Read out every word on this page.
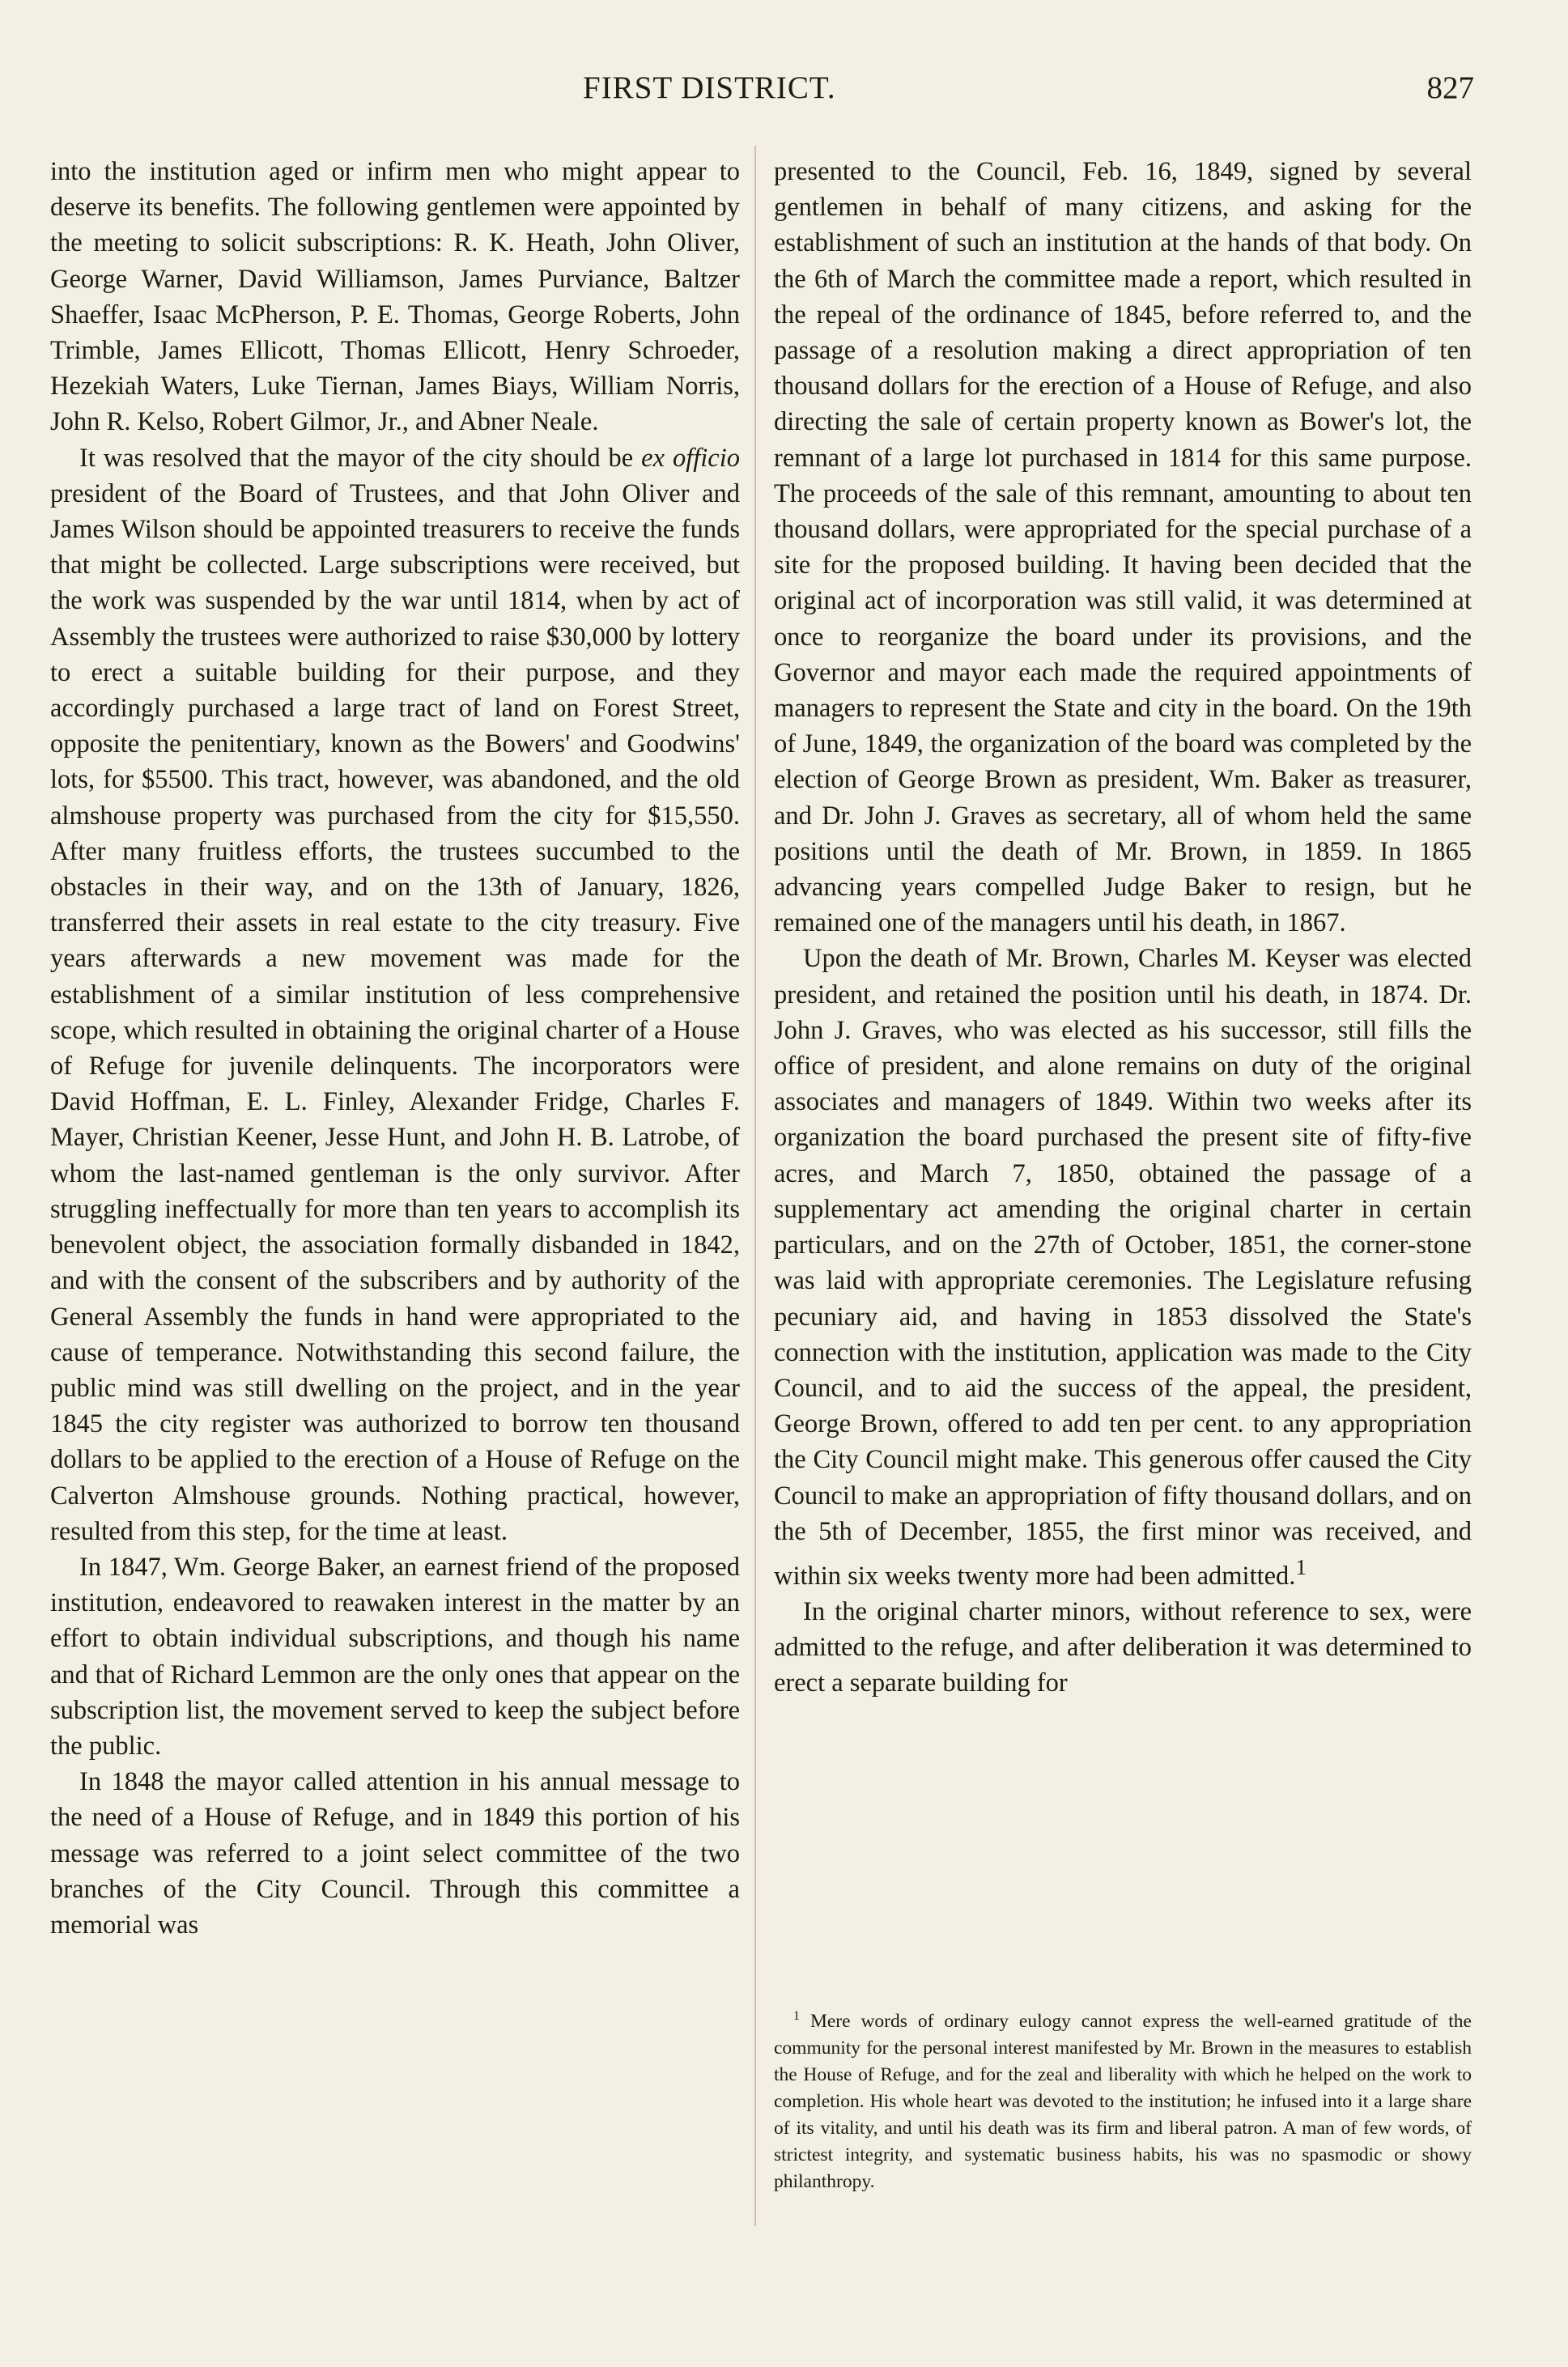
FIRST DISTRICT.	827

into the institution aged or infirm men who might appear to deserve its benefits. The following gentlemen were appointed by the meeting to solicit subscriptions: R. K. Heath, John Oliver, George Warner, David Williamson, James Purviance, Baltzer Shaeffer, Isaac McPherson, P. E. Thomas, George Roberts, John Trimble, James Ellicott, Thomas Ellicott, Henry Schroeder, Hezekiah Waters, Luke Tiernan, James Biays, William Norris, John R. Kelso, Robert Gilmor, Jr., and Abner Neale.

It was resolved that the mayor of the city should be ex officio president of the Board of Trustees, and that John Oliver and James Wilson should be appointed treasurers to receive the funds that might be collected. Large subscriptions were received, but the work was suspended by the war until 1814, when by act of Assembly the trustees were authorized to raise $30,000 by lottery to erect a suitable building for their purpose, and they accordingly purchased a large tract of land on Forest Street, opposite the penitentiary, known as the Bowers' and Goodwins' lots, for $5500. This tract, however, was abandoned, and the old almshouse property was purchased from the city for $15,550. After many fruitless efforts, the trustees succumbed to the obstacles in their way, and on the 13th of January, 1826, transferred their assets in real estate to the city treasury. Five years afterwards a new movement was made for the establishment of a similar institution of less comprehensive scope, which resulted in obtaining the original charter of a House of Refuge for juvenile delinquents. The incorporators were David Hoffman, E. L. Finley, Alexander Fridge, Charles F. Mayer, Christian Keener, Jesse Hunt, and John H. B. Latrobe, of whom the last-named gentleman is the only survivor. After struggling ineffectually for more than ten years to accomplish its benevolent object, the association formally disbanded in 1842, and with the consent of the subscribers and by authority of the General Assembly the funds in hand were appropriated to the cause of temperance. Notwithstanding this second failure, the public mind was still dwelling on the project, and in the year 1845 the city register was authorized to borrow ten thousand dollars to be applied to the erection of a House of Refuge on the Calverton Almshouse grounds. Nothing practical, however, resulted from this step, for the time at least.

In 1847, Wm. George Baker, an earnest friend of the proposed institution, endeavored to reawaken interest in the matter by an effort to obtain individual subscriptions, and though his name and that of Richard Lemmon are the only ones that appear on the subscription list, the movement served to keep the subject before the public.

In 1848 the mayor called attention in his annual message to the need of a House of Refuge, and in 1849 this portion of his message was referred to a joint select committee of the two branches of the City Council. Through this committee a memorial was

presented to the Council, Feb. 16, 1849, signed by several gentlemen in behalf of many citizens, and asking for the establishment of such an institution at the hands of that body. On the 6th of March the committee made a report, which resulted in the repeal of the ordinance of 1845, before referred to, and the passage of a resolution making a direct appropriation of ten thousand dollars for the erection of a House of Refuge, and also directing the sale of certain property known as Bower's lot, the remnant of a large lot purchased in 1814 for this same purpose. The proceeds of the sale of this remnant, amounting to about ten thousand dollars, were appropriated for the special purchase of a site for the proposed building. It having been decided that the original act of incorporation was still valid, it was determined at once to reorganize the board under its provisions, and the Governor and mayor each made the required appointments of managers to represent the State and city in the board. On the 19th of June, 1849, the organization of the board was completed by the election of George Brown as president, Wm. Baker as treasurer, and Dr. John J. Graves as secretary, all of whom held the same positions until the death of Mr. Brown, in 1859. In 1865 advancing years compelled Judge Baker to resign, but he remained one of the managers until his death, in 1867.

Upon the death of Mr. Brown, Charles M. Keyser was elected president, and retained the position until his death, in 1874. Dr. John J. Graves, who was elected as his successor, still fills the office of president, and alone remains on duty of the original associates and managers of 1849. Within two weeks after its organization the board purchased the present site of fifty-five acres, and March 7, 1850, obtained the passage of a supplementary act amending the original charter in certain particulars, and on the 27th of October, 1851, the corner-stone was laid with appropriate ceremonies. The Legislature refusing pecuniary aid, and having in 1853 dissolved the State's connection with the institution, application was made to the City Council, and to aid the success of the appeal, the president, George Brown, offered to add ten per cent. to any appropriation the City Council might make. This generous offer caused the City Council to make an appropriation of fifty thousand dollars, and on the 5th of December, 1855, the first minor was received, and within six weeks twenty more had been admitted.$^1$

In the original charter minors, without reference to sex, were admitted to the refuge, and after deliberation it was determined to erect a separate building for

$^1$ Mere words of ordinary eulogy cannot express the well-earned gratitude of the community for the personal interest manifested by Mr. Brown in the measures to establish the House of Refuge, and for the zeal and liberality with which he helped on the work to completion. His whole heart was devoted to the institution; he infused into it a large share of its vitality, and until his death was its firm and liberal patron. A man of few words, of strictest integrity, and systematic business habits, his was no spasmodic or showy philanthropy.
